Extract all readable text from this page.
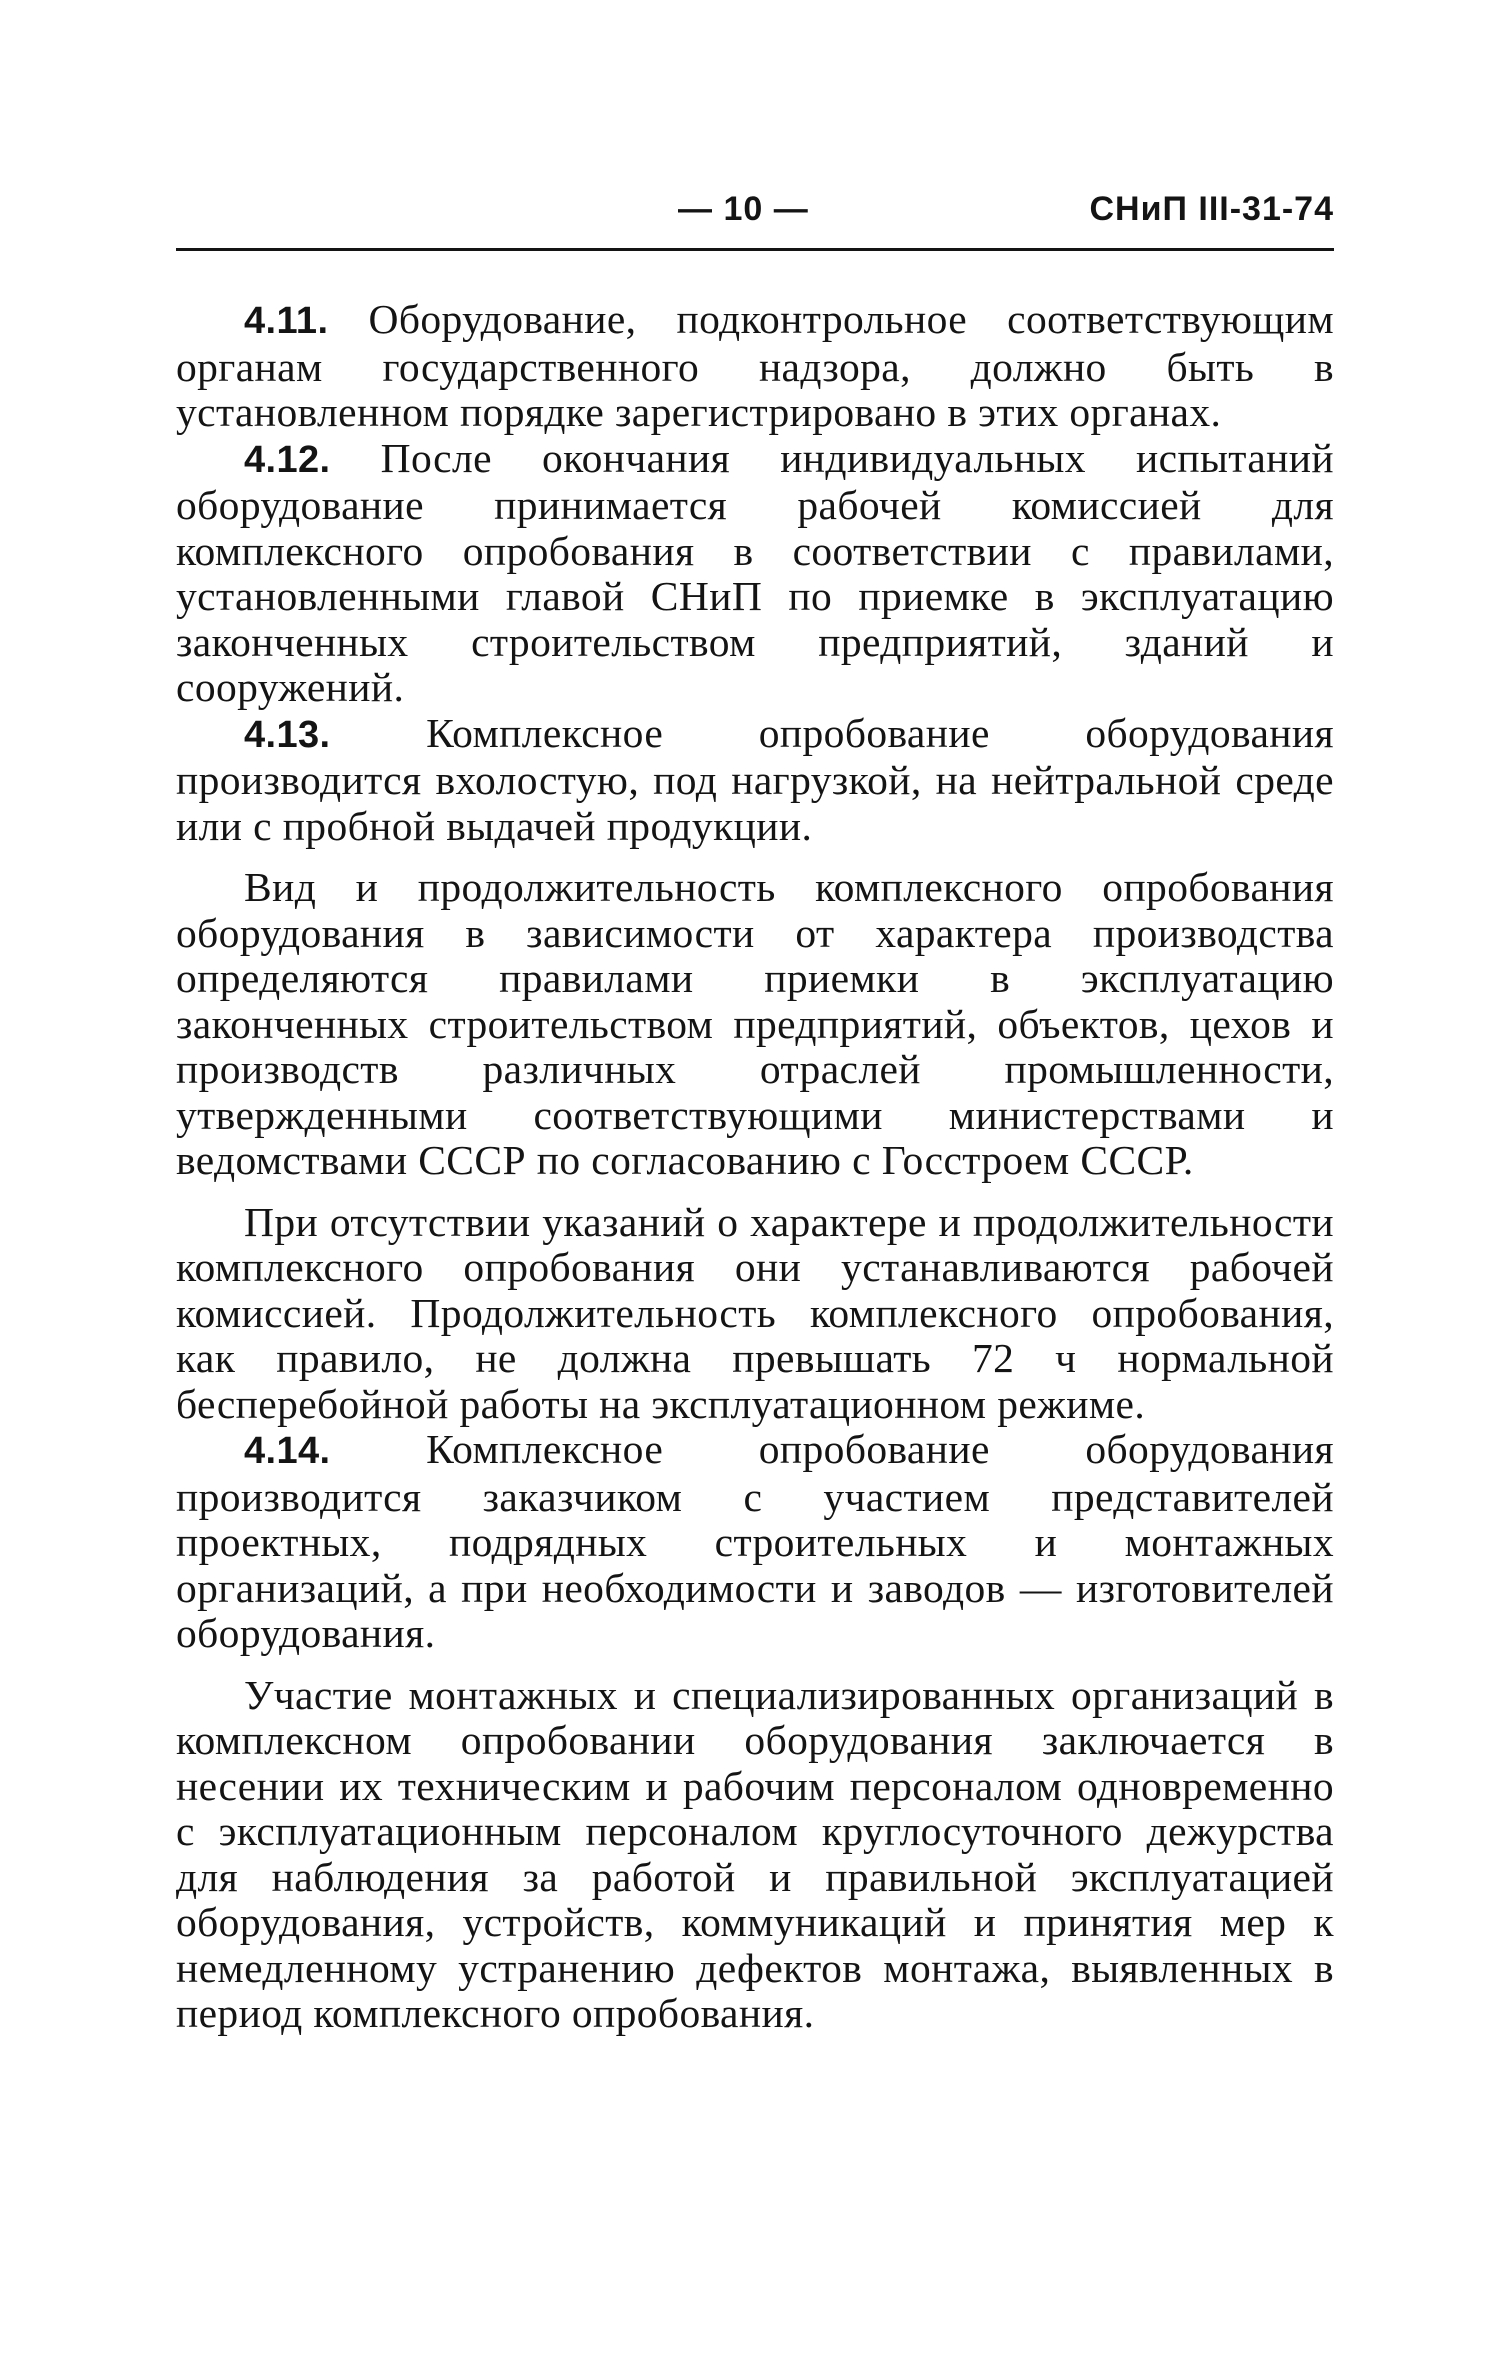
— 10 —	СНиП III-31-74

4.11. Оборудование, подконтрольное соответствующим органам государственного надзора, должно быть в установленном порядке зарегистрировано в этих органах.

4.12. После окончания индивидуальных испытаний оборудование принимается рабочей комиссией для комплексного опробования в соответствии с правилами, установленными главой СНиП по приемке в эксплуатацию законченных строительством предприятий, зданий и сооружений.

4.13. Комплексное опробование оборудования производится вхолостую, под нагрузкой, на нейтральной среде или с пробной выдачей продукции.

Вид и продолжительность комплексного опробования оборудования в зависимости от характера производства определяются правилами приемки в эксплуатацию законченных строительством предприятий, объектов, цехов и производств различных отраслей промышленности, утвержденными соответствующими министерствами и ведомствами СССР по согласованию с Госстроем СССР.

При отсутствии указаний о характере и продолжительности комплексного опробования они устанавливаются рабочей комиссией. Продолжительность комплексного опробования, как правило, не должна превышать 72 ч нормальной бесперебойной работы на эксплуатационном режиме.

4.14. Комплексное опробование оборудования производится заказчиком с участием представителей проектных, подрядных строительных и монтажных организаций, а при необходимости и заводов — изготовителей оборудования.

Участие монтажных и специализированных организаций в комплексном опробовании оборудования заключается в несении их техническим и рабочим персоналом одновременно с эксплуатационным персоналом круглосуточного дежурства для наблюдения за работой и правильной эксплуатацией оборудования, устройств, коммуникаций и принятия мер к немедленному устранению дефектов монтажа, выявленных в период комплексного опробования.
